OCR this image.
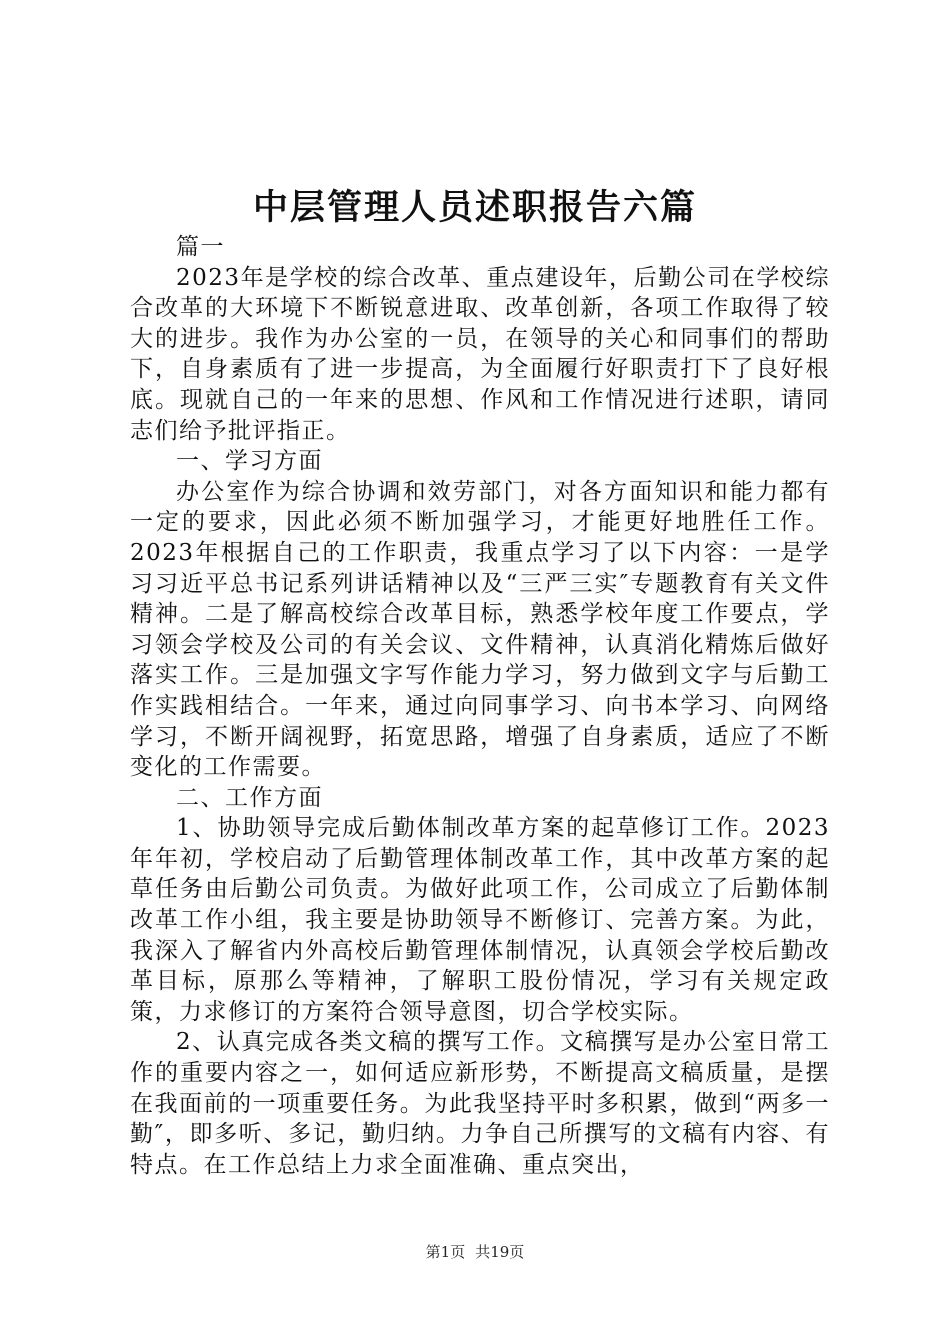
中层管理人员述职报告六篇

篇一

2023年是学校的综合改革、重点建设年，后勤公司在学校综合改革的大环境下不断锐意进取、改革创新，各项工作取得了较大的进步。我作为办公室的一员，在领导的关心和同事们的帮助下，自身素质有了进一步提高，为全面履行好职责打下了良好根底。现就自己的一年来的思想、作风和工作情况进行述职，请同志们给予批评指正。

一、学习方面

办公室作为综合协调和效劳部门，对各方面知识和能力都有一定的要求，因此必须不断加强学习，才能更好地胜任工作。2023年根据自己的工作职责，我重点学习了以下内容：一是学习习近平总书记系列讲话精神以及“三严三实″专题教育有关文件精神。二是了解高校综合改革目标，熟悉学校年度工作要点，学习领会学校及公司的有关会议、文件精神，认真消化精炼后做好落实工作。三是加强文字写作能力学习，努力做到文字与后勤工作实践相结合。一年来，通过向同事学习、向书本学习、向网络学习，不断开阔视野，拓宽思路，增强了自身素质，适应了不断变化的工作需要。

二、工作方面

1、协助领导完成后勤体制改革方案的起草修订工作。2023年年初，学校启动了后勤管理体制改革工作，其中改革方案的起草任务由后勤公司负责。为做好此项工作，公司成立了后勤体制改革工作小组，我主要是协助领导不断修订、完善方案。为此，我深入了解省内外高校后勤管理体制情况，认真领会学校后勤改革目标，原那么等精神，了解职工股份情况，学习有关规定政策，力求修订的方案符合领导意图，切合学校实际。

2、认真完成各类文稿的撰写工作。文稿撰写是办公室日常工作的重要内容之一，如何适应新形势，不断提高文稿质量，是摆在我面前的一项重要任务。为此我坚持平时多积累，做到“两多一勤″，即多听、多记，勤归纳。力争自己所撰写的文稿有内容、有特点。在工作总结上力求全面准确、重点突出，

第1页 共19页
